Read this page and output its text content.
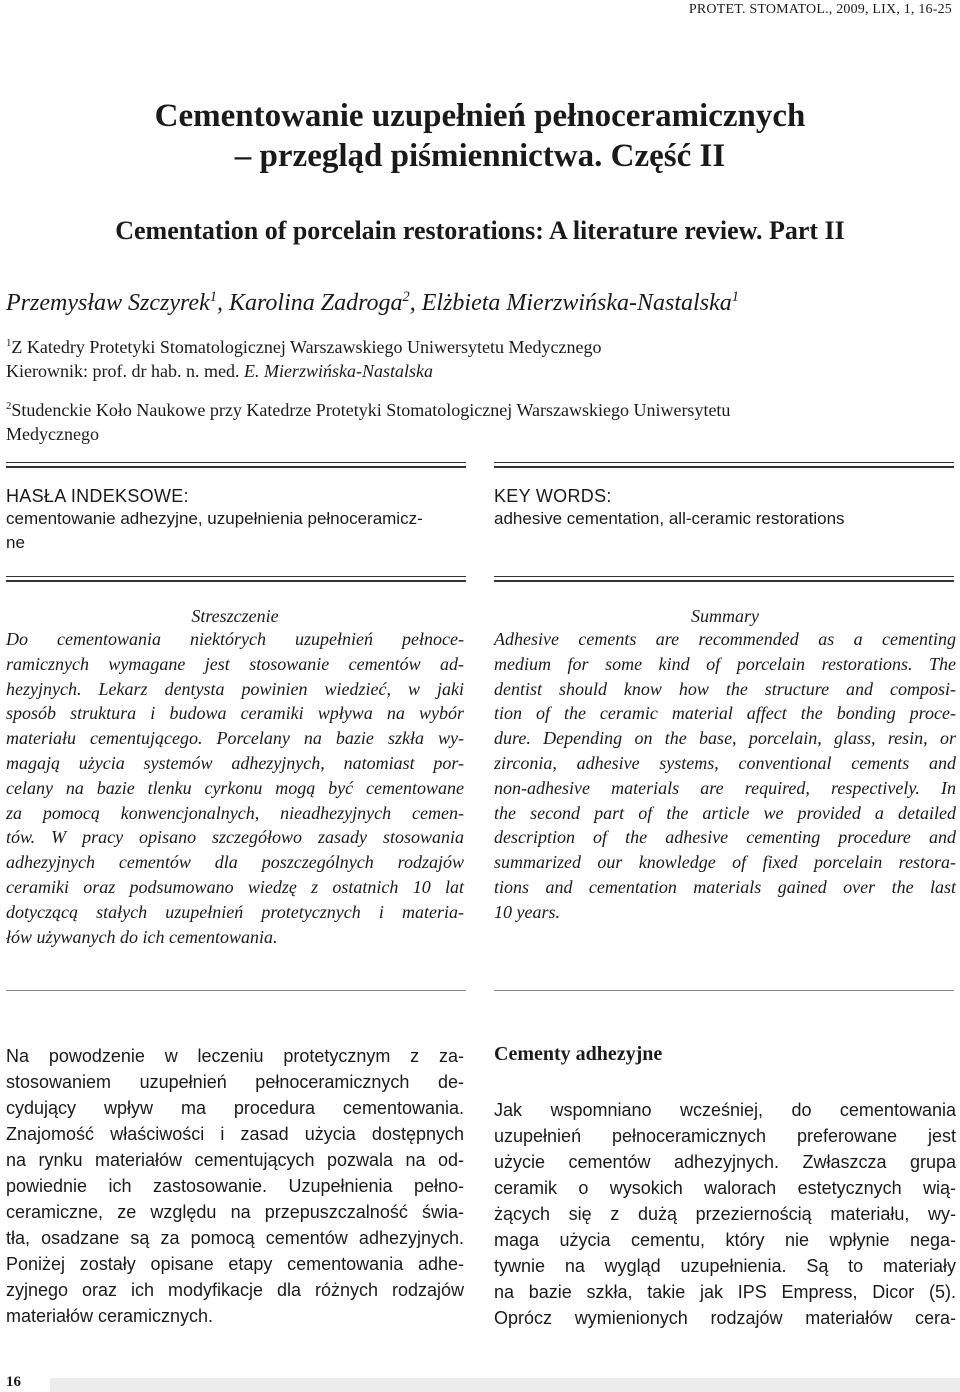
PROTET. STOMATOL., 2009, LIX, 1, 16-25
Cementowanie uzupełnień pełnoceramicznych
– przegląd piśmiennictwa. Część II
Cementation of porcelain restorations: A literature review. Part II
Przemysław Szczyrek$^1$, Karolina Zadroga$^2$, Elżbieta Mierzwińska-Nastalska$^1$
$^1$Z Katedry Protetyki Stomatologicznej Warszawskiego Uniwersytetu Medycznego
Kierownik: prof. dr hab. n. med. E. Mierzwińska-Nastalska
$^2$Studenckie Koło Naukowe przy Katedrze Protetyki Stomatologicznej Warszawskiego Uniwersytetu
Medycznego
HASŁA INDEKSOWE:
cementowanie adhezyjne, uzupełnienia pełnoceramicz-
ne
KEY WORDS:
adhesive cementation, all-ceramic restorations
Streszczenie
Do cementowania niektórych uzupełnień pełnoce-
ramicznych wymagane jest stosowanie cementów ad-
hezyjnych. Lekarz dentysta powinien wiedzieć, w jaki
sposób struktura i budowa ceramiki wpływa na wybór
materiału cementującego. Porcelany na bazie szkła wy-
magają użycia systemów adhezyjnych, natomiast por-
celany na bazie tlenku cyrkonu mogą być cementowane
za pomocą konwencjonalnych, nieadhezyjnych cemen-
tów. W pracy opisano szczegółowo zasady stosowania
adhezyjnych cementów dla poszczególnych rodzajów
ceramiki oraz podsumowano wiedzę z ostatnich 10 lat
dotyczącą stałych uzupełnień protetycznych i materia-
łów używanych do ich cementowania.
Summary
Adhesive cements are recommended as a cementing
medium for some kind of porcelain restorations. The
dentist should know how the structure and composi-
tion of the ceramic material affect the bonding proce-
dure. Depending on the base, porcelain, glass, resin, or
zirconia, adhesive systems, conventional cements and
non-adhesive materials are required, respectively. In
the second part of the article we provided a detailed
description of the adhesive cementing procedure and
summarized our knowledge of fixed porcelain restora-
tions and cementation materials gained over the last
10 years.
Na powodzenie w leczeniu protetycznym z za-
stosowaniem uzupełnień pełnoceramicznych de-
cydujący wpływ ma procedura cementowania.
Znajomość właściwości i zasad użycia dostępnych
na rynku materiałów cementujących pozwala na od-
powiednie ich zastosowanie. Uzupełnienia pełno-
ceramiczne, ze względu na przepuszczalność świa-
tła, osadzane są za pomocą cementów adhezyjnych.
Poniżej zostały opisane etapy cementowania adhe-
zyjnego oraz ich modyfikacje dla różnych rodzajów
materiałów ceramicznych.
Cementy adhezyjne
Jak wspomniano wcześniej, do cementowania
uzupełnień pełnoceramicznych preferowane jest
użycie cementów adhezyjnych. Zwłaszcza grupa
ceramik o wysokich walorach estetycznych wią-
żących się z dużą przeziernością materiału, wy-
maga użycia cementu, który nie wpłynie nega-
tywnie na wygląd uzupełnienia. Są to materiały
na bazie szkła, takie jak IPS Empress, Dicor (5).
Oprócz wymienionych rodzajów materiałów cera-
16
